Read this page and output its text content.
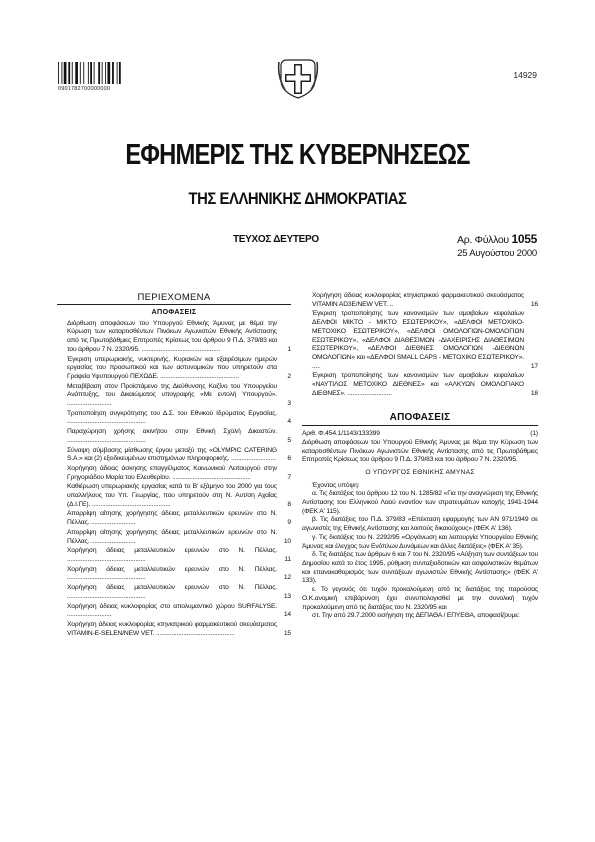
0901782700000000
14929
ΕΦΗΜΕΡΙΣ ΤΗΣ ΚΥΒΕΡΝΗΣΕΩΣ
ΤΗΣ ΕΛΛΗΝΙΚΗΣ ΔΗΜΟΚΡΑΤΙΑΣ
ΤΕΥΧΟΣ ΔΕΥΤΕΡΟ	Αρ. Φύλλου 1055
25 Αυγούστου 2000
ΠΕΡΙΕΧΟΜΕΝΑ
ΑΠΟΦΑΣΕΙΣ

Διόρθωση αποφάσεων του Υπουργού Εθνικής Άμυνας με θέμα την Κύρωση των καταρτισθέντων Πινάκων Αγωνιστών Εθνικής Αντίστασης από τις Πρωτοβάθμιες Επιτροπές Κρίσεως του άρθρου 9 Π.Δ. 379/83 και του άρθρου 7 Ν. 2320/95. ..............................................	1

Έγκριση υπερωριακής, νυκτερινής, Κυριακών και εξαιρέσιμων ημερών εργασίας του προσωπικού και των αστυνομικών που υπηρετούν στα Γραφεία Υφυπουργού ΠΕΧΩΔΕ. ..............................................	2

Μεταβίβαση στον Προϊστάμενο της Διεύθυνσης Καζίνο του Υπουργείου Ανάπτυξης, του Δικαιώματος υπογραφής «Με εντολή Υπουργού». ..........................	3

Τροποποίηση συγκρότησης του Δ.Σ. του Εθνικού Ιδρύματος Εργασίας. ..............................................	4

Παραχώρηση χρήσης ακινήτου στην Εθνική Σχολή Δικαστών. ..............................................	5

Σύναψη σύμβασης μίσθωσης έργου μεταξύ της «OLYMPIC CATERING S.A.» και (2) εξειδικευμένων επιστημόνων πληροφορικής. .......................... 6

Χορήγηση άδειας άσκησης επαγγέλματος Κοινωνικού Λειτουργού στην Γρηγοριάδου Μαρία του Ελευθερίου. ..............................................	7

Καθιέρωση υπερωριακής εργασίας κατά το Β' εξάμηνο του 2000 για τους υπαλλήλους του Υπ. Γεωργίας, που υπηρετούν στη Ν. Αυτ/ση Αχαΐας (Δ.Ι.ΓΕ). ..............................................	8

Απορρίψη αίτησης χορήγησης άδειας μεταλλευτικών ερευνών στο Ν. Πέλλας. ..........................	9

Απορρίψη αίτησης χορήγησης άδειας μεταλλευτικών ερευνών στο Ν. Πέλλας. ..........................	10

Χορήγηση άδειας μεταλλευτικών ερευνών στο Ν. Πέλλας. ..............................................	11

Χορήγηση άδειας μεταλλευτικών ερευνών στο Ν. Πέλλας. ..............................................	12

Χορήγηση άδειας μεταλλευτικών ερευνών στο Ν. Πέλλας. ..............................................	13

Χορήγηση άδειας κυκλοφορίας στο απολυμαντικό χώρου SURFALYSE. ..........................	14

Χορήγηση άδειας κυκλοφορίας κτηνιατρικού φαρμακευτικού σκευάσματος VITAMIN-E-SELEN/NEW VET. ..............................................	15

Χορήγηση άδειας κυκλοφορίας κτηνιατρικού φαρμακευτικού σκευάσματος VITAMIN AD3E/NEW VET. ..	16

Έγκριση τροποποίησης των κανονισμών των αμοιβαίων κεφαλαίων ΔΕΛΦΟΙ ΜΙΚΤΟ - ΜΙΚΤΟ ΕΣΩΤΕΡΙΚΟΥ», «ΔΕΛΦΟΙ ΜΕΤΟΧΙΚΟ-ΜΕΤΟΧΙΚΟ ΕΣΩΤΕΡΙΚΟΥ», «ΔΕΛΦΟΙ ΟΜΟΛΟΓΙΩΝ-ΟΜΟΛΟΓΙΩΝ ΕΣΩΤΕΡΙΚΟΥ», «ΔΕΛΦΟΙ ΔΙΑΘΕΣΙΜΩΝ -ΔΙΑΧΕΙΡΙΣΗΣ ΔΙΑΘΕΣΙΜΩΝ ΕΣΩΤΕΡΙΚΟΥ», «ΔΕΛΦΟΙ ΔΙΕΘΝΕΣ ΟΜΟΛΟΓΙΩΝ -ΔΙΕΘΝΩΝ ΟΜΟΛΟΓΙΩΝ» και «ΔΕΛΦΟΙ SMALL CAPS - ΜΕΤΟΧΙΚΟ ΕΣΩΤΕΡΙΚΟΥ». .....	17

Έγκριση τροποποίησης των κανονισμών των αμοιβαίων κεφαλαίων «ΝΑΥΤΙΛΟΣ ΜΕΤΟΧΙΚΟ ΔΙΕΘΝΕΣ» και «ΑΛΚΥΩΝ ΟΜΟΛΟΓΙΑΚΟ ΔΙΕΘΝΕΣ». ..........................	18
ΑΠΟΦΑΣΕΙΣ
Αριθ. Φ.454.1/1143/133399	(1)

Διόρθωση αποφάσεων του Υπουργού Εθνικής Άμυνας με θέμα την Κύρωση των καταρτισθέντων Πινάκων Αγωνιστών Εθνικής Αντίστασης από τις Πρωτοβάθμιες Επιτροπές Κρίσεως του άρθρου 9 Π.Δ. 379/83 και του άρθρου 7 Ν. 2320/95.

Ο ΥΠΟΥΡΓΟΣ ΕΘΝΙΚΗΣ ΑΜΥΝΑΣ

Έχοντας υπόψη:

α. Τις διατάξεις του άρθρου 12 του Ν. 1285/82 «Για την αναγνώριση της Εθνικής Αντίστασης του Ελληνικού Λαού εναντίον των στρατευμάτων κατοχής 1941-1944 (ΦΕΚ Α' 115).

β. Τις διατάξεις του Π.Δ. 379/83 «Επέκταση εφαρμογής των ΑΝ 971/1949 σε αγωνιστές της Εθνικής Αντίστασης και λοιπούς δικαιούχους» (ΦΕΚ Α' 136).

γ. Τις διατάξεις του Ν. 2292/95 «Οργάνωση και λειτουργία Υπουργείου Εθνικής Άμυνας και έλεγχος των Ενόπλων Δυνάμεων και άλλες διατάξεις» (ΦΕΚ Α' 35).

δ. Τις διατάξεις των άρθρων 6 και 7 του Ν. 2320/95 «Αύξηση των συντάξεων του Δημοσίου κατά το έτος 1995, ρύθμιση συνταξιοδοτικών και ασφαλιστικών θεμάτων και επανακαθορισμός των συντάξεων αγωνιστών Εθνικής Αντίστασης» (ΦΕΚ Α' 133).

ε. Το γεγονός ότι τυχόν προκαλούμενη από τις διατάξεις της παρούσας Ο.Κ.ανομική επιβάρυνση έχει συνυπολογισθεί με την συνολική τυχόν προκαλούμενη από τις διατάξεις του Ν. 2320/95 και

στ. Την από 29.7.2000 εισήγηση της ΔΕΠΑΘΑ / ΕΠΥΕΘΑ, αποφασίζουμε:
